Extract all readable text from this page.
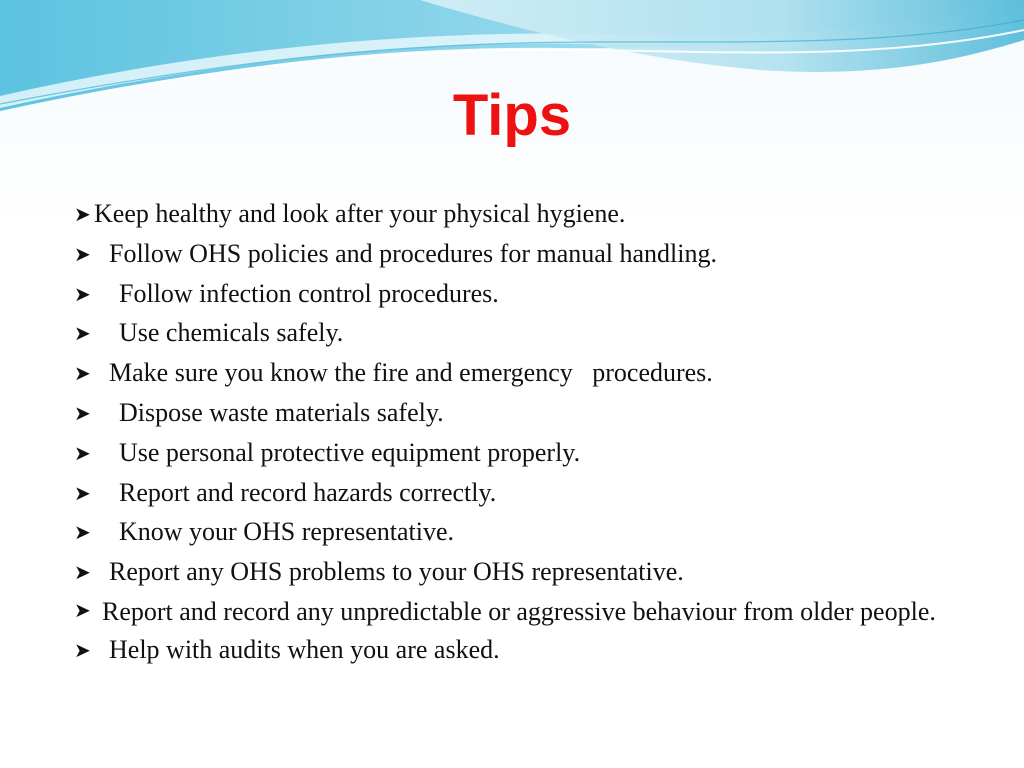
Tips
➤ Keep healthy and look after your physical hygiene.
➤ Follow OHS policies and procedures for manual handling.
➤ Follow infection control procedures.
➤ Use chemicals safely.
➤ Make sure you know the fire and emergency   procedures.
➤ Dispose waste materials safely.
➤ Use personal protective equipment properly.
➤ Report and record hazards correctly.
➤ Know your OHS representative.
➤ Report any OHS problems to your OHS representative.
➤ Report and record any unpredictable or aggressive behaviour from older people.
➤ Help with audits when you are asked.
